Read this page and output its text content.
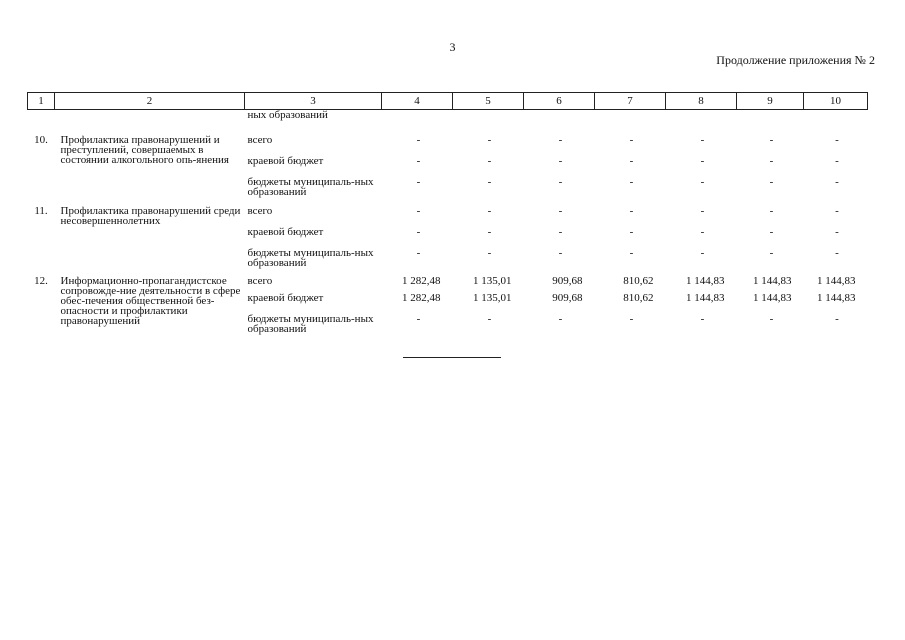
3
Продолжение приложения № 2
1	2	3	4	5	6	7	8	9	10
		ных образований							
10.	Профилактика правонарушений и преступлений, совершаемых в состоянии алкогольного опь-янения	всего	-	-	-	-	-	-	-
		краевой бюджет	-	-	-	-	-	-	-
		бюджеты муниципаль-ных образований	-	-	-	-	-	-	-
11.	Профилактика правонарушений среди несовершеннолетних	всего	-	-	-	-	-	-	-
		краевой бюджет	-	-	-	-	-	-	-
		бюджеты муниципаль-ных образований	-	-	-	-	-	-	-
12.	Информационно-пропагандистское сопровожде-ние деятельности в сфере обес-печения общественной без-опасности и профилактики правонарушений	всего	1 282,48	1 135,01	909,68	810,62	1 144,83	1 144,83	1 144,83
		краевой бюджет	1 282,48	1 135,01	909,68	810,62	1 144,83	1 144,83	1 144,83
		бюджеты муниципаль-ных образований	-	-	-	-	-	-	-
